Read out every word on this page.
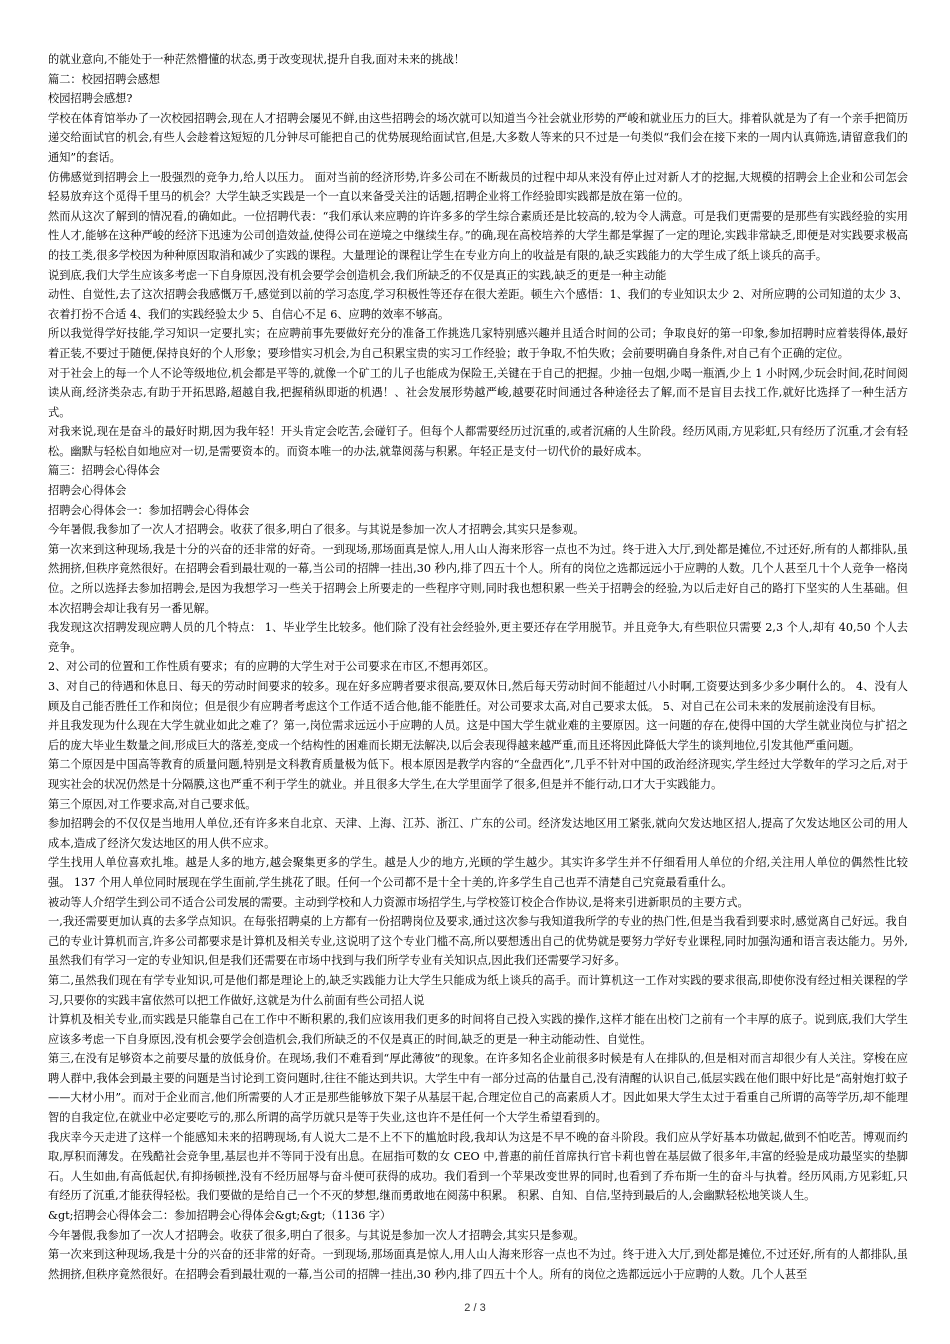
的就业意向,不能处于一种茫然懵懂的状态,勇于改变现状,提升自我,面对未来的挑战！

篇二：校园招聘会感想

校园招聘会感想?

学校在体育馆举办了一次校园招聘会,现在人才招聘会屡见不鲜,由这些招聘会的场次就可以知道当今社会就业形势的严峻和就业压力的巨大。排着队就是为了有一个亲手把简历递交给面试官的机会,有些人会趁着这短短的几分钟尽可能把自己的优势展现给面试官,但是,大多数人等来的只不过是一句类似“我们会在接下来的一周内认真筛选,请留意我们的通知”的套话。

仿佛感觉到招聘会上一股强烈的竞争力,给人以压力。 面对当前的经济形势,许多公司在不断裁员的过程中却从来没有停止过对新人才的挖掘,大规模的招聘会上企业和公司怎会轻易放弃这个觅得千里马的机会？大学生缺乏实践是一个一直以来备受关注的话题,招聘企业将工作经验即实践都是放在第一位的。

然而从这次了解到的情况看,的确如此。一位招聘代表：“我们承认来应聘的许许多多的学生综合素质还是比较高的,较为令人满意。可是我们更需要的是那些有实践经验的实用性人才,能够在这种严峻的经济下迅速为公司创造效益,使得公司在逆境之中继续生存。”的确,现在高校培养的大学生都是掌握了一定的理论,实践非常缺乏,即便是对实践要求极高的技工类,很多学校因为种种原因取消和减少了实践的课程。大量理论的课程让学生在专业方向上的收益是有限的,缺乏实践能力的大学生成了纸上谈兵的高手。

说到底,我们大学生应该多考虑一下自身原因,没有机会要学会创造机会,我们所缺乏的不仅是真正的实践,缺乏的更是一种主动能

动性、自觉性,去了这次招聘会我感慨万千,感觉到以前的学习态度,学习积极性等还存在很大差距。顿生六个感悟：1、我们的专业知识太少 2、对所应聘的公司知道的太少 3、衣着打扮不合适 4、我们的实践经验太少 5、自信心不足 6、应聘的效率不够高。

所以我觉得学好技能,学习知识一定要扎实；在应聘前事先要做好充分的准备工作挑选几家特别感兴趣并且适合时间的公司；争取良好的第一印象,参加招聘时应着装得体,最好着正装,不要过于随便,保持良好的个人形象；要珍惜实习机会,为自己积累宝贵的实习工作经验；敢于争取,不怕失败；会前要明确自身条件,对自己有个正确的定位。

对于社会上的每一个人不论等级地位,机会都是平等的,就像一个矿工的儿子也能成为保险王,关键在于自己的把握。少抽一包烟,少喝一瓶酒,少上 1 小时网,少玩会时间,花时间阅读从商,经济类杂志,有助于开拓思路,超越自我,把握稍纵即逝的机遇！、社会发展形势越严峻,越要花时间通过各种途径去了解,而不是盲目去找工作,就好比选择了一种生活方式。

对我来说,现在是奋斗的最好时期,因为我年轻！开头肯定会吃苦,会碰钉子。但每个人都需要经历过沉重的,或者沉痛的人生阶段。经历风雨,方见彩虹,只有经历了沉重,才会有轻松。幽默与轻松自如地应对一切,是需要资本的。而资本唯一的办法,就靠阅荡与积累。年轻正是支付一切代价的最好成本。

篇三：招聘会心得体会

招聘会心得体会

招聘会心得体会一：参加招聘会心得体会

今年暑假,我参加了一次人才招聘会。收获了很多,明白了很多。与其说是参加一次人才招聘会,其实只是参观。

第一次来到这种现场,我是十分的兴奋的还非常的好奇。一到现场,那场面真是惊人,用人山人海来形容一点也不为过。终于进入大厅,到处都是摊位,不过还好,所有的人都排队,虽然拥挤,但秩序竟然很好。在招聘会看到最壮观的一幕,当公司的招牌一挂出,30 秒内,排了四五十个人。所有的岗位之选都远远小于应聘的人数。几个人甚至几十个人竞争一格岗位。之所以选择去参加招聘会,是因为我想学习一些关于招聘会上所要走的一些程序守则,同时我也想积累一些关于招聘会的经验,为以后走好自己的路打下坚实的人生基础。但本次招聘会却让我有另一番见解。

我发现这次招聘发现应聘人员的几个特点： 1、毕业学生比较多。他们除了没有社会经验外,更主要还存在学用脱节。并且竞争大,有些职位只需要 2,3 个人,却有 40,50 个人去竞争。

2、对公司的位置和工作性质有要求；有的应聘的大学生对于公司要求在市区,不想再郊区。

3、对自己的待遇和休息日、每天的劳动时间要求的较多。现在好多应聘者要求很高,要双休日,然后每天劳动时间不能超过八小时啊,工资要达到多少多少啊什么的。 4、没有人顾及自己能否胜任工作和岗位；但是很少有应聘者考虑这个工作适不适合他,能不能胜任。对公司要求太高,对自己要求太低。 5、对自己在公司未来的发展前途没有目标。

并且我发现为什么现在大学生就业如此之难了？第一,岗位需求远远小于应聘的人员。这是中国大学生就业难的主要原因。这一问题的存在,使得中国的大学生就业岗位与扩招之后的庞大毕业生数量之间,形成巨大的落差,变成一个结构性的困难而长期无法解决,以后会表现得越来越严重,而且还将因此降低大学生的谈判地位,引发其他严重问题。

第二个原因是中国高等教育的质量问题,特别是文科教育质量极为低下。根本原因是教学内容的“全盘西化”,几乎不针对中国的政治经济现实,学生经过大学数年的学习之后,对于现实社会的状况仍然是十分隔膜,这也严重不利于学生的就业。并且很多大学生,在大学里面学了很多,但是并不能行动,口才大于实践能力。

第三个原因,对工作要求高,对自己要求低。

参加招聘会的不仅仅是当地用人单位,还有许多来自北京、天津、上海、江苏、浙江、广东的公司。经济发达地区用工紧张,就向欠发达地区招人,提高了欠发达地区公司的用人成本,造成了经济欠发达地区的用人供不应求。

学生找用人单位喜欢扎堆。越是人多的地方,越会聚集更多的学生。越是人少的地方,光顾的学生越少。其实许多学生并不仔细看用人单位的介绍,关注用人单位的偶然性比较强。 137 个用人单位同时展现在学生面前,学生挑花了眼。任何一个公司都不是十全十美的,许多学生自己也弄不清楚自己究竟最看重什么。

被动等人介绍学生到公司不适合公司发展的需要。主动到学校和人力资源市场招学生,与学校签订校企合作协议,是将来引进新职员的主要方式。

一,我还需要更加认真的去多学点知识。在每张招聘桌的上方都有一份招聘岗位及要求,通过这次参与我知道我所学的专业的热门性,但是当我看到要求时,感觉离自己好远。我自己的专业计算机而言,许多公司都要求是计算机及相关专业,这说明了这个专业门槛不高,所以要想透出自己的优势就是要努力学好专业课程,同时加强沟通和语言表达能力。另外,虽然我们有学习一定的专业知识,但是我们还需要在市场中找到与我们所学专业有关知识点,因此我们还需要学习好多。

第二,虽然我们现在有学专业知识,可是他们都是理论上的,缺乏实践能力让大学生只能成为纸上谈兵的高手。而计算机这一工作对实践的要求很高,即使你没有经过相关课程的学习,只要你的实践丰富依然可以把工作做好,这就是为什么前面有些公司招人说

计算机及相关专业,而实践是只能靠自己在工作中不断积累的,我们应该用我们更多的时间将自己投入实践的操作,这样才能在出校门之前有一个丰厚的底子。说到底,我们大学生应该多考虑一下自身原因,没有机会要学会创造机会,我们所缺乏的不仅是真正的时间,缺乏的更是一种主动能动性、自觉性。

第三,在没有足够资本之前要尽量的放低身价。在现场,我们不难看到“厚此薄彼”的现象。在许多知名企业前很多时候是有人在排队的,但是相对而言却很少有人关注。穿梭在应聘人群中,我体会到最主要的问题是当讨论到工资问题时,往往不能达到共识。大学生中有一部分过高的估量自己,没有清醒的认识自己,低层实践在他们眼中好比是“高射炮打蚊子——大材小用”。而对于企业而言,他们所需要的人才正是那些能够放下架子从基层干起,合理定位自己的高素质人才。因此如果大学生太过于看重自己所谓的高等学历,却不能理智的自我定位,在就业中必定要吃亏的,那么所谓的高学历就只是等于失业,这也许不是任何一个大学生希望看到的。

我庆幸今天走进了这样一个能感知未来的招聘现场,有人说大二是不上不下的尴尬时段,我却认为这是不早不晚的奋斗阶段。我们应从学好基本功做起,做到不怕吃苦。博观而约取,厚积而薄发。在残酷社会竞争里,基层也并不等同于没有出息。在屈指可数的女 CEO 中,普惠的前任首席执行官卡莉也曾在基层做了很多年,丰富的经验是成功最坚实的垫脚石。人生如曲,有高低起伏,有抑扬顿挫,没有不经历屈辱与奋斗便可获得的成功。我们看到一个苹果改变世界的同时,也看到了乔布斯一生的奋斗与执着。经历风雨,方见彩虹,只有经历了沉重,才能获得轻松。我们要做的是给自己一个不灭的梦想,继而勇敢地在阅荡中积累。 积累、自知、自信,坚持到最后的人,会幽默轻松地笑谈人生。

&gt;招聘会心得体会二：参加招聘会心得体会&gt;&gt;（1136 字）

今年暑假,我参加了一次人才招聘会。收获了很多,明白了很多。与其说是参加一次人才招聘会,其实只是参观。

第一次来到这种现场,我是十分的兴奋的还非常的好奇。一到现场,那场面真是惊人,用人山人海来形容一点也不为过。终于进入大厅,到处都是摊位,不过还好,所有的人都排队,虽然拥挤,但秩序竟然很好。在招聘会看到最壮观的一幕,当公司的招牌一挂出,30 秒内,排了四五十个人。所有的岗位之选都远远小于应聘的人数。几个人甚至

2 / 3
